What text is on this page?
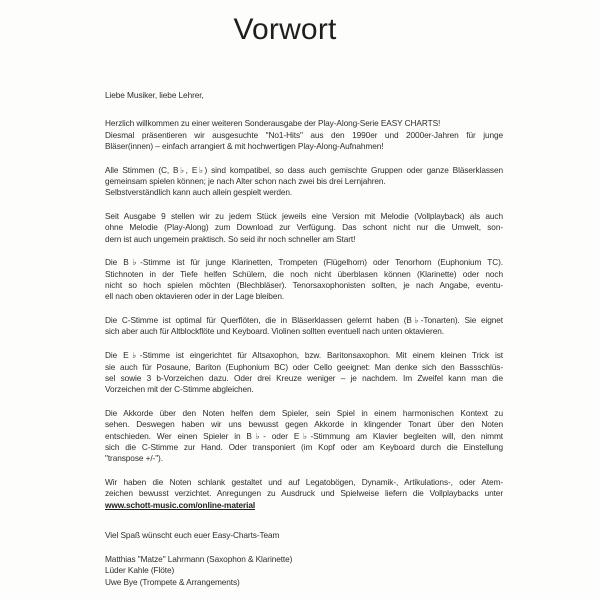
Vorwort
Liebe Musiker, liebe Lehrer,
Herzlich willkommen zu einer weiteren Sonderausgabe der Play-Along-Serie EASY CHARTS!
Diesmal präsentieren wir ausgesuchte "No1-Hits" aus den 1990er und 2000er-Jahren für junge
Bläser(innen) – einfach arrangiert & mit hochwertigen Play-Along-Aufnahmen!
Alle Stimmen (C, B♭, E♭) sind kompatibel, so dass auch gemischte Gruppen oder ganze Bläserklassen
gemeinsam spielen können; je nach Alter schon nach zwei bis drei Lernjahren.
Selbstverständlich kann auch allein gespielt werden.
Seit Ausgabe 9 stellen wir zu jedem Stück jeweils eine Version mit Melodie (Vollplayback) als auch
ohne Melodie (Play-Along) zum Download zur Verfügung. Das schont nicht nur die Umwelt, son-
dern ist auch ungemein praktisch. So seid ihr noch schneller am Start!
Die B♭-Stimme ist für junge Klarinetten, Trompeten (Flügelhorn) oder Tenorhorn (Euphonium TC).
Stichnoten in der Tiefe helfen Schülern, die noch nicht überblasen können (Klarinette) oder noch
nicht so hoch spielen möchten (Blechbläser). Tenorsaxophonisten sollten, je nach Angabe, eventu-
ell nach oben oktavieren oder in der Lage bleiben.
Die C-Stimme ist optimal für Querflöten, die in Bläserklassen gelernt haben (B♭-Tonarten). Sie eignet
sich aber auch für Altblockflöte und Keyboard. Violinen sollten eventuell nach unten oktavieren.
Die E♭-Stimme ist eingerichtet für Altsaxophon, bzw. Baritonsaxophon. Mit einem kleinen Trick ist
sie auch für Posaune, Bariton (Euphonium BC) oder Cello geeignet: Man denke sich den Bassschlüs-
sel sowie 3 b-Vorzeichen dazu. Oder drei Kreuze weniger – je nachdem. Im Zweifel kann man die
Vorzeichen mit der C-Stimme abgleichen.
Die Akkorde über den Noten helfen dem Spieler, sein Spiel in einem harmonischen Kontext zu
sehen. Deswegen haben wir uns bewusst gegen Akkorde in klingender Tonart über den Noten
entschieden. Wer einen Spieler in B♭- oder E♭-Stimmung am Klavier begleiten will, den nimmt
sich die C-Stimme zur Hand. Oder transponiert (im Kopf oder am Keyboard durch die Einstellung
"transpose +/-").
Wir haben die Noten schlank gestaltet und auf Legatobögen, Dynamik-, Artikulations-, oder Atem-
zeichen bewusst verzichtet. Anregungen zu Ausdruck und Spielweise liefern die Vollplaybacks unter
www.schott-music.com/online-material
Viel Spaß wünscht euch euer Easy-Charts-Team
Matthias "Matze" Lahrmann (Saxophon & Klarinette)
Lüder Kahle (Flöte)
Uwe Bye (Trompete & Arrangements)
